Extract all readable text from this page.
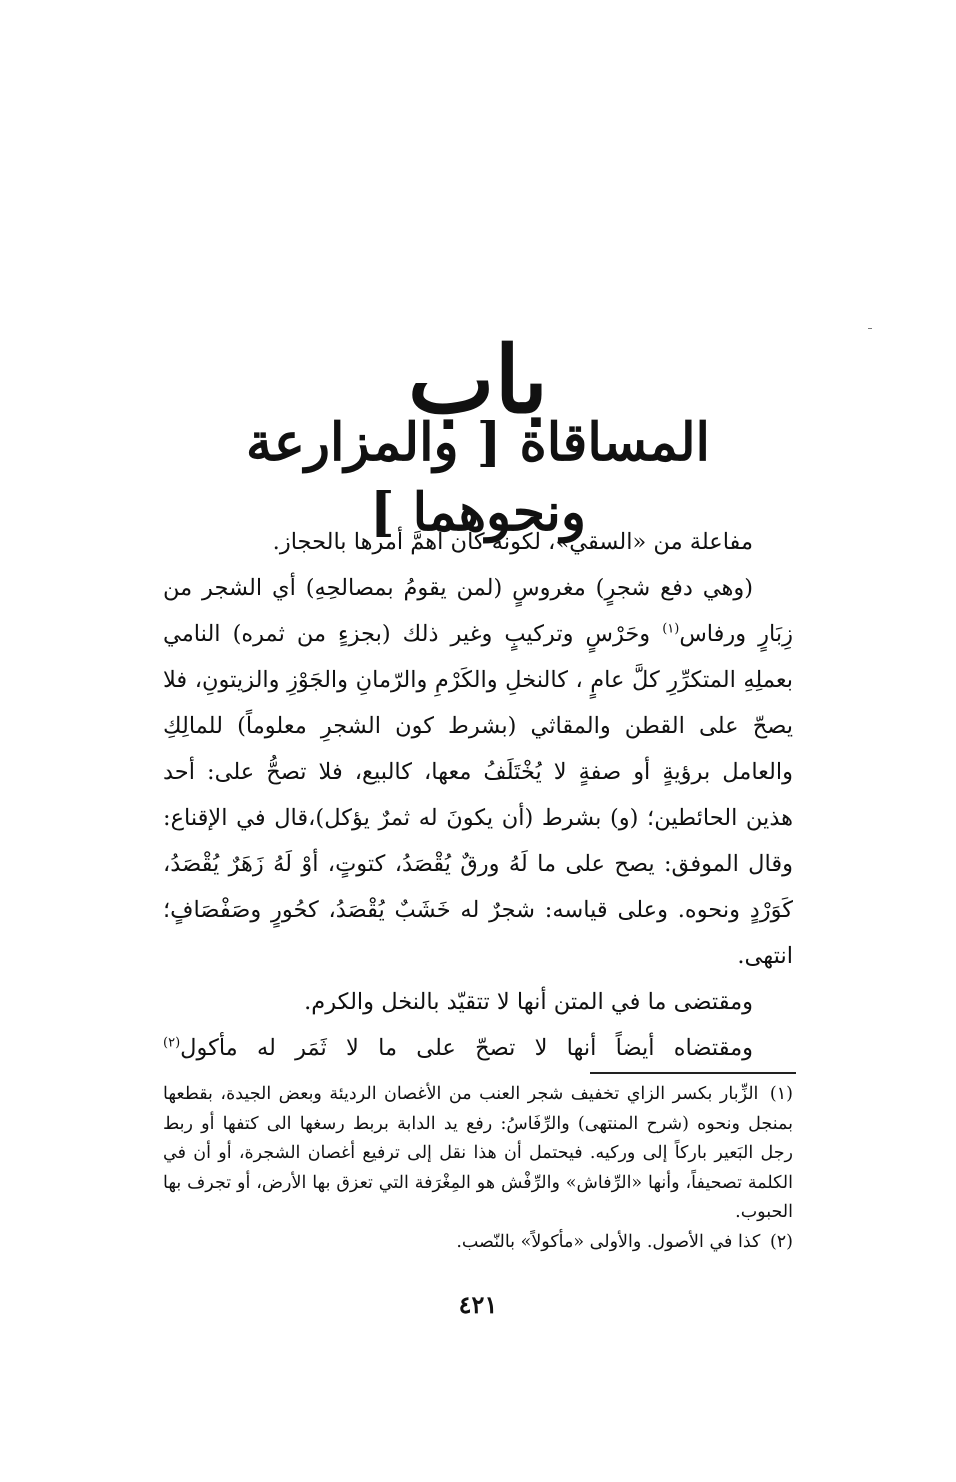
باب
المساقاة [ والمزارعة ونحوهما ]

مفاعلة من «السقي»، لكونه كان أهمَّ أمرها بالحجاز.

(وهي دفع شجرٍ) مغروسٍ (لمن يقومُ بمصالحِهِ) أي الشجر من زِبَارٍ ورفاس$^{(١)}$ وحَرْسٍ وتركيبٍ وغير ذلك (بجزءٍ من ثمره) النامي بعملِهِ المتكرِّرِ كلَّ عامٍ ، كالنخلِ والكَرْمِ والرّمانِ والجَوْزِ والزيتونِ، فلا يصحّ على القطن والمقاثي (بشرط كون الشجرِ معلوماً) للمالِكِ والعامل برؤيةٍ أو صفةٍ لا يُخْتَلَفُ معها، كالبيع، فلا تصحُّ على: أحد هذين الحائطين؛ (و) بشرط (أن يكونَ له ثمرٌ يؤكل)،قال في الإقناع: وقال الموفق: يصح على ما لَهُ ورقٌ يُقْصَدُ، كتوتٍ، أوْ لَهُ زَهَرٌ يُقْصَدُ، كَوَرْدٍ ونحوه. وعلى قياسه: شجرٌ له خَشَبٌ يُقْصَدُ، كحُورٍ وصَفْصَافٍ؛ انتهى.

ومقتضى ما في المتن أنها لا تتقيّد بالنخل والكرم.

ومقتضاه أيضاً أنها لا تصحّ على ما لا ثَمَر له مأكول$^{(٢)}$

(١) الزِّبار بكسر الزاي تخفيف شجر العنب من الأغصان الرديئة وبعض الجيدة، بقطعها بمنجل ونحوه (شرح المنتهى) والرِّفَاسُ: رفع يد الدابة بربط رسغها الى كتفها أو ربط رجل البَعير باركاً إلى وركيه. فيحتمل أن هذا نقل إلى ترفيع أغصان الشجرة، أو أن في الكلمة تصحيفاً، وأنها «الرِّفاش» والرِّفْش هو المِغْرَفة التي تعزق بها الأرض، أو تجرف بها الحبوب.

(٢) كذا في الأصول. والأولى «مأكولاً» بالنّصب.

٤٢١
